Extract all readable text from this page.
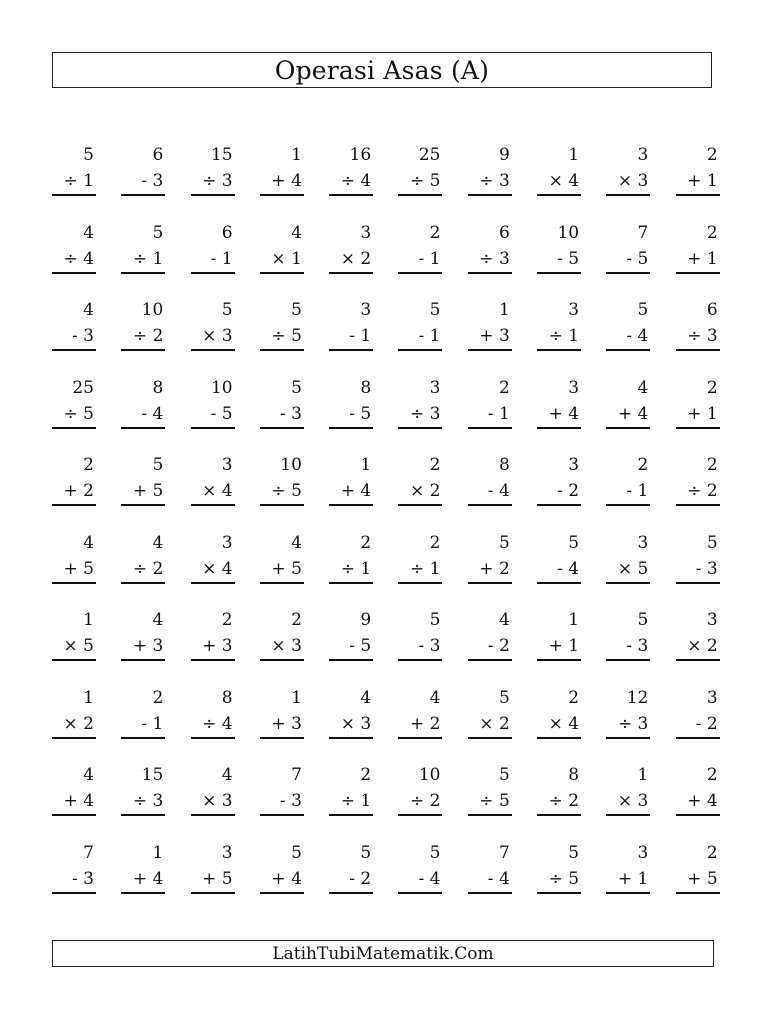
Operasi Asas (A)
5
÷ 1
6
- 3
15
÷ 3
1
+ 4
16
÷ 4
25
÷ 5
9
÷ 3
1
× 4
3
× 3
2
+ 1
4
÷ 4
5
÷ 1
6
- 1
4
× 1
3
× 2
2
- 1
6
÷ 3
10
- 5
7
- 5
2
+ 1
4
- 3
10
÷ 2
5
× 3
5
÷ 5
3
- 1
5
- 1
1
+ 3
3
÷ 1
5
- 4
6
÷ 3
25
÷ 5
8
- 4
10
- 5
5
- 3
8
- 5
3
÷ 3
2
- 1
3
+ 4
4
+ 4
2
+ 1
2
+ 2
5
+ 5
3
× 4
10
÷ 5
1
+ 4
2
× 2
8
- 4
3
- 2
2
- 1
2
÷ 2
4
+ 5
4
÷ 2
3
× 4
4
+ 5
2
÷ 1
2
÷ 1
5
+ 2
5
- 4
3
× 5
5
- 3
1
× 5
4
+ 3
2
+ 3
2
× 3
9
- 5
5
- 3
4
- 2
1
+ 1
5
- 3
3
× 2
1
× 2
2
- 1
8
÷ 4
1
+ 3
4
× 3
4
+ 2
5
× 2
2
× 4
12
÷ 3
3
- 2
4
+ 4
15
÷ 3
4
× 3
7
- 3
2
÷ 1
10
÷ 2
5
÷ 5
8
÷ 2
1
× 3
2
+ 4
7
- 3
1
+ 4
3
+ 5
5
+ 4
5
- 2
5
- 4
7
- 4
5
÷ 5
3
+ 1
2
+ 5
LatihTubiMatematik.Com
